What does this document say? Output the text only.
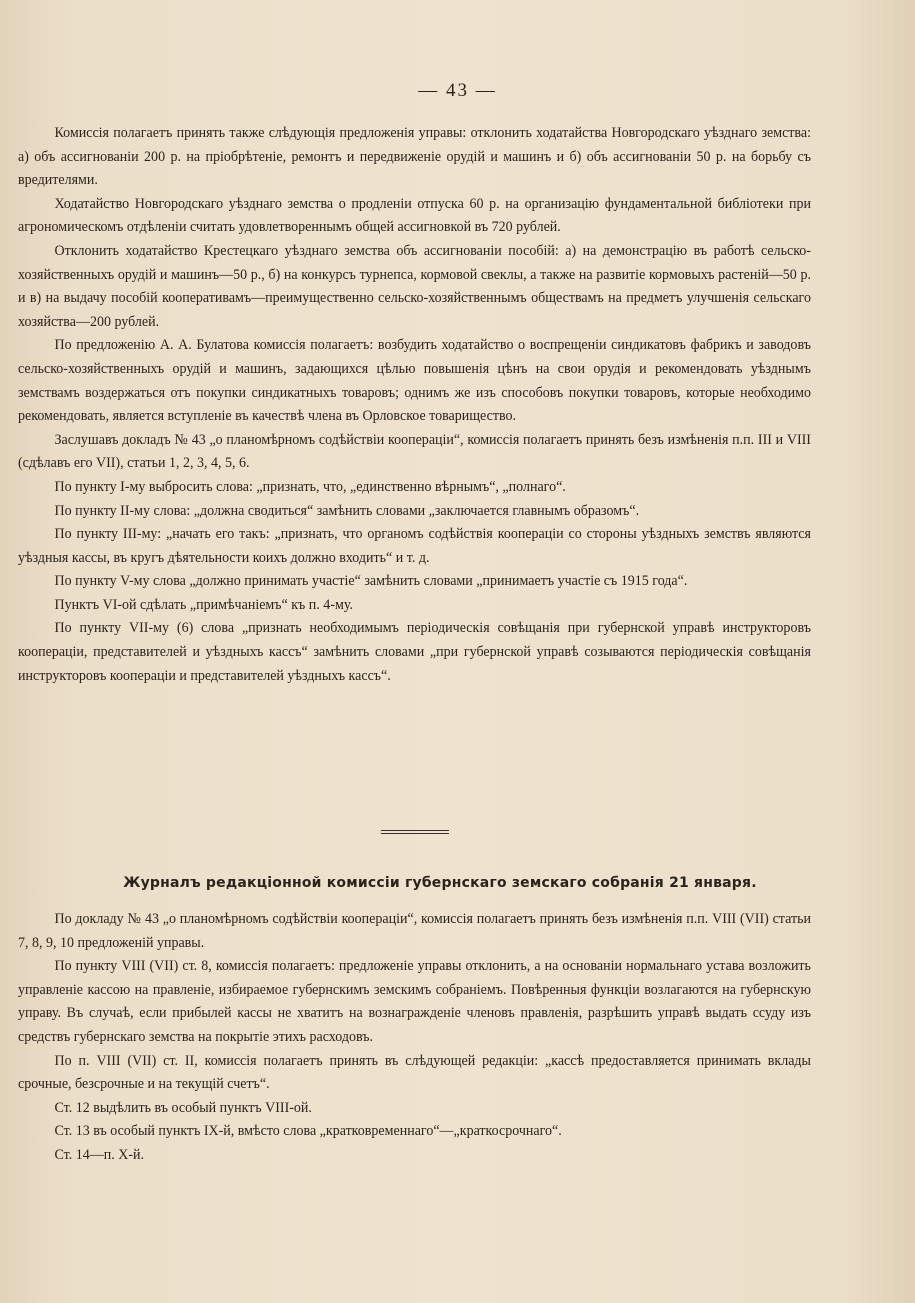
— 43 —

Комисciя полагаетъ принять также слѣдующiя предложенiя управы: отклонить ходатайства Новгородскаго уѣзднаго земства: а) объ ассигнованiи 200 р. на прiобрѣтенiе, ремонтъ и передвиженiе орудiй и машинъ и б) объ ассигнованiи 50 р. на борьбу съ вредителями.

Ходатайство Новгородскаго уѣзднаго земства о продленiи отпуска 60 р. на организацiю фундаментальной библiотеки при агрономическомъ отдѣленiи считать удовлетвореннымъ общей ассигновкой въ 720 рублей.

Отклонить ходатайство Крестецкаго уѣзднаго земства объ ассигнованiи пособiй: а) на демонстрацiю въ работѣ сельско-хозяйственныхъ орудiй и машинъ—50 р., б) на конкурсъ турнепса, кормовой свеклы, а также на развитiе кормовыхъ растенiй—50 р. и в) на выдачу пособiй кооперативамъ—преимущественно сельско-хозяйственнымъ обществамъ на предметъ улучшенiя сельскаго хозяйства—200 рублей.

По предложенiю А. А. Булатова комиссiя полагаетъ: возбудить ходатайство о воспрещенiи синдикатовъ фабрикъ и заводовъ сельско-хозяйственныхъ орудiй и машинъ, задающихся цѣлью повышенiя цѣнъ на свои орудiя и рекомендовать уѣзднымъ земствамъ воздержаться отъ покупки синдикатныхъ товаровъ; однимъ же изъ способовъ покупки товаровъ, которые необходимо рекомендовать, является вступленiе въ качествѣ члена въ Орловское товарищество.

Заслушавъ докладъ № 43 „о планомѣрномъ содѣйствiи кооперацiи“, комиссiя полагаетъ принять безъ измѣненiя п.п. III и VIII (сдѣлавъ его VII), статьи 1, 2, 3, 4, 5, 6.

По пункту I-му выбросить слова: „признать, что, „единственно вѣрнымъ“, „полнаго“.

По пункту II-му слова: „должна сводиться“ замѣнить словами „заключается главнымъ образомъ“.

По пункту III-му: „начать его такъ: „признать, что органомъ содѣйствiя кооперацiи со стороны уѣздныхъ земствъ являются уѣздныя кассы, въ кругъ дѣятельности коихъ должно входить“ и т. д.

По пункту V-му слова „должно принимать участiе“ замѣнить словами „принимаетъ участiе съ 1915 года“.

Пунктъ VI-ой сдѣлать „примѣчанiемъ“ къ п. 4-му.

По пункту VII-му (6) слова „признать необходимымъ перiодическiя совѣщанiя при губернской управѣ инструкторовъ кооперацiи, представителей и уѣздныхъ кассъ“ замѣнить словами „при губернской управѣ созываются перiодическiя совѣщанiя инструкторовъ кооперацiи и представителей уѣздныхъ кассъ“.

Журналъ редакцiонной комиссiи губернскаго земскаго собранiя 21 января.

По докладу № 43 „о планомѣрномъ содѣйствiи кооперацiи“, комиссiя полагаетъ принять безъ измѣненiя п.п. VIII (VII) статьи 7, 8, 9, 10 предложенiй управы.

По пункту VIII (VII) ст. 8, комиссiя полагаетъ: предложенiе управы отклонить, а на основанiи нормальнаго устава возложить управленiе кассою на правленiе, избираемое губернскимъ земскимъ собранiемъ. Повѣренныя функцiи возлагаются на губернскую управу. Въ случаѣ, если прибылей кассы не хватитъ на вознагражденiе членовъ правленiя, разрѣшить управѣ выдать ссуду изъ средствъ губернскаго земства на покрытiе этихъ расходовъ.

По п. VIII (VII) ст. II, комиссiя полагаетъ принять въ слѣдующей редакцiи: „кассѣ предоставляется принимать вклады срочные, безсрочные и на текущiй счетъ“.

Ст. 12 выдѣлить въ особый пунктъ VIII-ой.

Ст. 13 въ особый пунктъ IX-й, вмѣсто слова „кратковременнаго“—„краткосрочнаго“.

Ст. 14—п. X-й.
